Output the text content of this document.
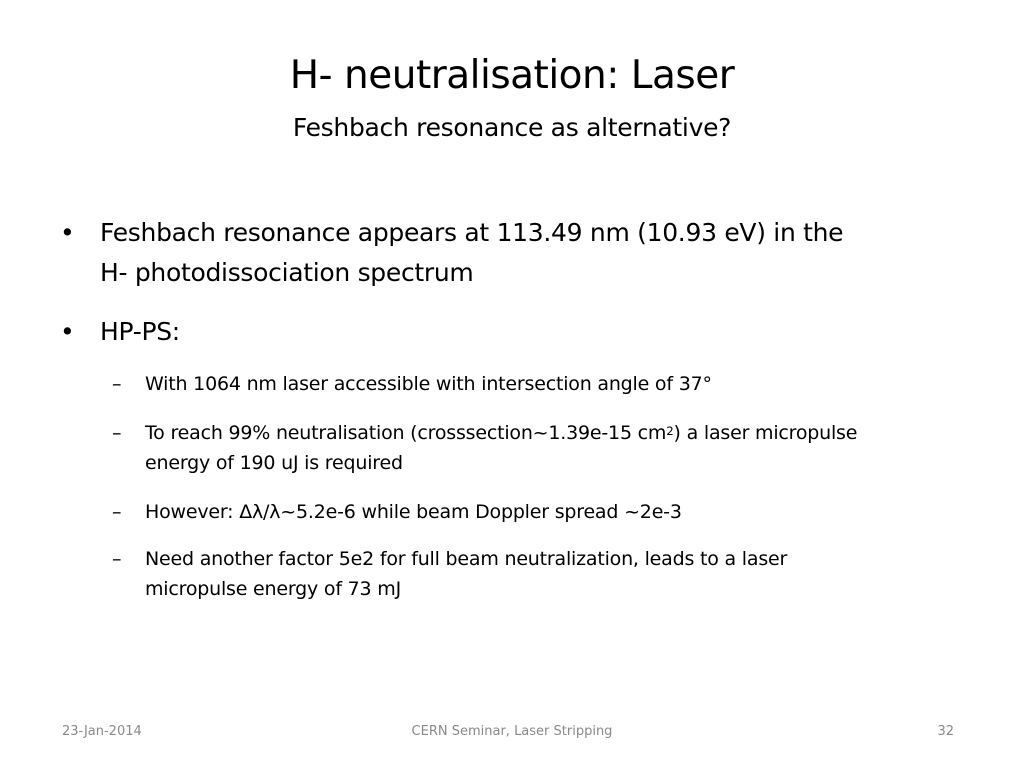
H- neutralisation: Laser
Feshbach resonance as alternative?
• Feshbach resonance appears at 113.49 nm (10.93 eV) in the
H- photodissociation spectrum
• HP-PS:
– With 1064 nm laser accessible with intersection angle of 37°
– To reach 99% neutralisation (crosssection~1.39e-15 $cm^2$) a laser micropulse
energy of 190 uJ is required
– However: Δλ/λ~5.2e-6 while beam Doppler spread ~2e-3
– Need another factor 5e2 for full beam neutralization, leads to a laser
micropulse energy of 73 mJ
23-Jan-2014	CERN Seminar, Laser Stripping	32
